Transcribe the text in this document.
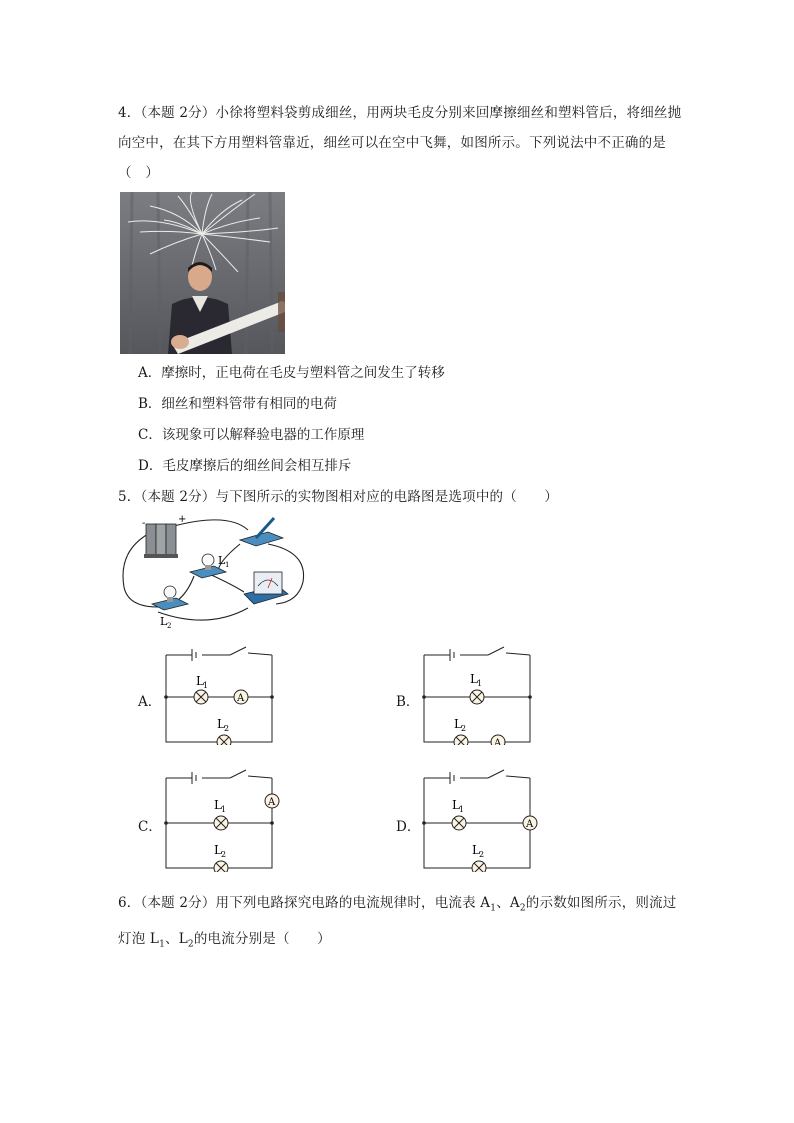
4．（本题 2分）小徐将塑料袋剪成细丝，用两块毛皮分别来回摩擦细丝和塑料管后，将细丝抛向空中，在其下方用塑料管靠近，细丝可以在空中飞舞，如图所示。下列说法中不正确的是（　）
A．摩擦时，正电荷在毛皮与塑料管之间发生了转移
B．细丝和塑料管带有相同的电荷
C．该现象可以解释验电器的工作原理
D．毛皮摩擦后的细丝间会相互排斥
5．（本题 2分）与下图所示的实物图相对应的电路图是选项中的（　　）
-	+
L 1
L 2
A．	A
L 1
L 2
B．
A
L 1
L 2
C．
A
L 1
L 2
D．	A
L 1
L 2
6．（本题 2分）用下列电路探究电路的电流规律时，电流表 $A_1$、$A_2$的示数如图所示，则流过灯泡 $L_1$、$L_2$的电流分别是（　　）
